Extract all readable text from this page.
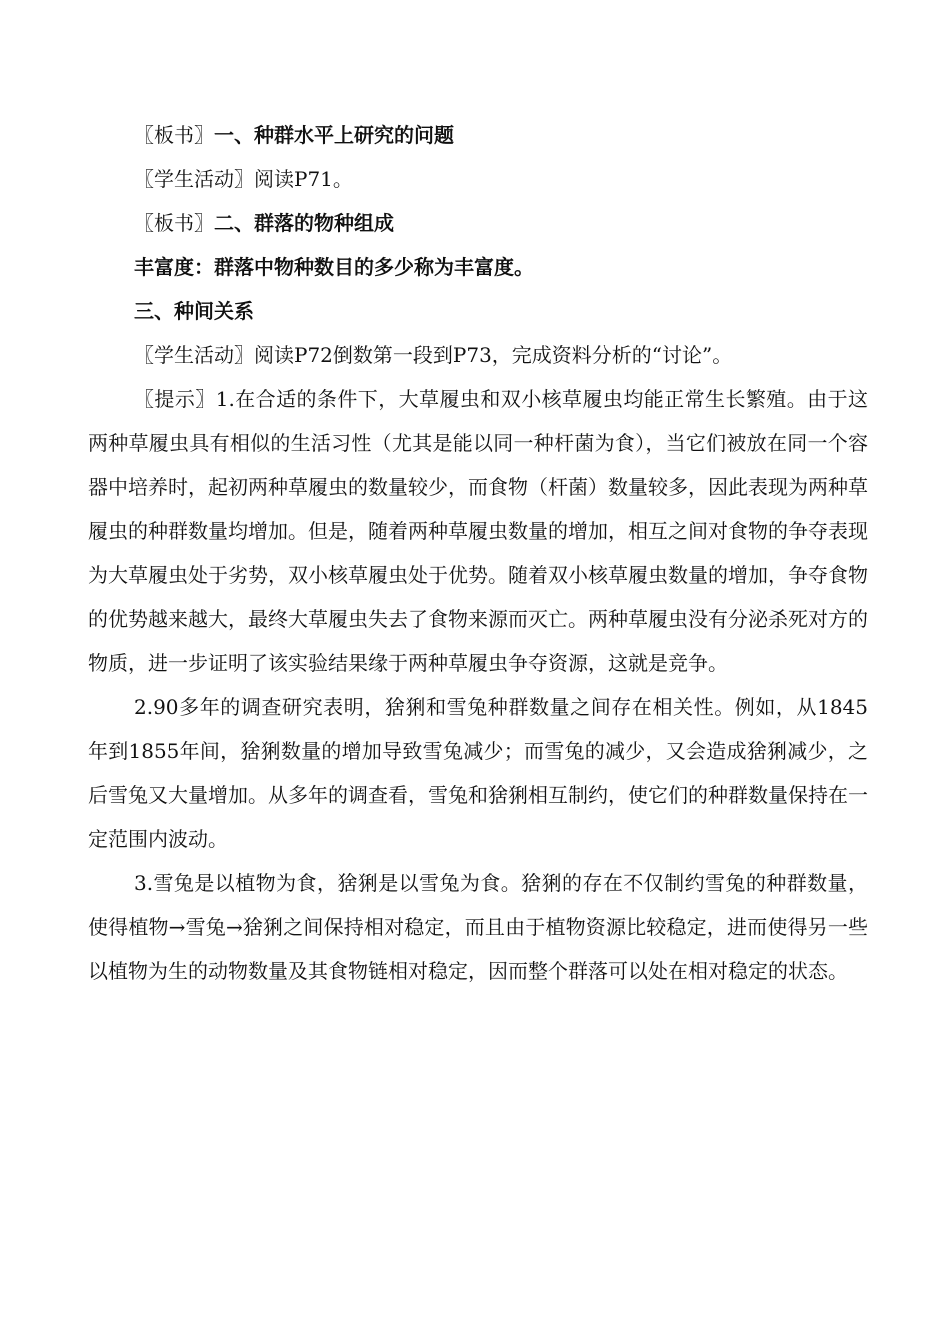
〖板书〗一、种群水平上研究的问题
〖学生活动〗阅读P71。
〖板书〗二、群落的物种组成
丰富度：群落中物种数目的多少称为丰富度。
三、种间关系
〖学生活动〗阅读P72倒数第一段到P73，完成资料分析的“讨论”。

〖提示〗1.在合适的条件下，大草履虫和双小核草履虫均能正常生长繁殖。由于这两种草履虫具有相似的生活习性（尤其是能以同一种杆菌为食），当它们被放在同一个容器中培养时，起初两种草履虫的数量较少，而食物（杆菌）数量较多，因此表现为两种草履虫的种群数量均增加。但是，随着两种草履虫数量的增加，相互之间对食物的争夺表现为大草履虫处于劣势，双小核草履虫处于优势。随着双小核草履虫数量的增加，争夺食物的优势越来越大，最终大草履虫失去了食物来源而灭亡。两种草履虫没有分泌杀死对方的物质，进一步证明了该实验结果缘于两种草履虫争夺资源，这就是竞争。

2.90多年的调查研究表明，猞猁和雪兔种群数量之间存在相关性。例如，从1845年到1855年间，猞猁数量的增加导致雪兔减少；而雪兔的减少，又会造成猞猁减少，之后雪兔又大量增加。从多年的调查看，雪兔和猞猁相互制约，使它们的种群数量保持在一定范围内波动。

3.雪兔是以植物为食，猞猁是以雪兔为食。猞猁的存在不仅制约雪兔的种群数量，使得植物→雪兔→猞猁之间保持相对稳定，而且由于植物资源比较稳定，进而使得另一些以植物为生的动物数量及其食物链相对稳定，因而整个群落可以处在相对稳定的状态。
